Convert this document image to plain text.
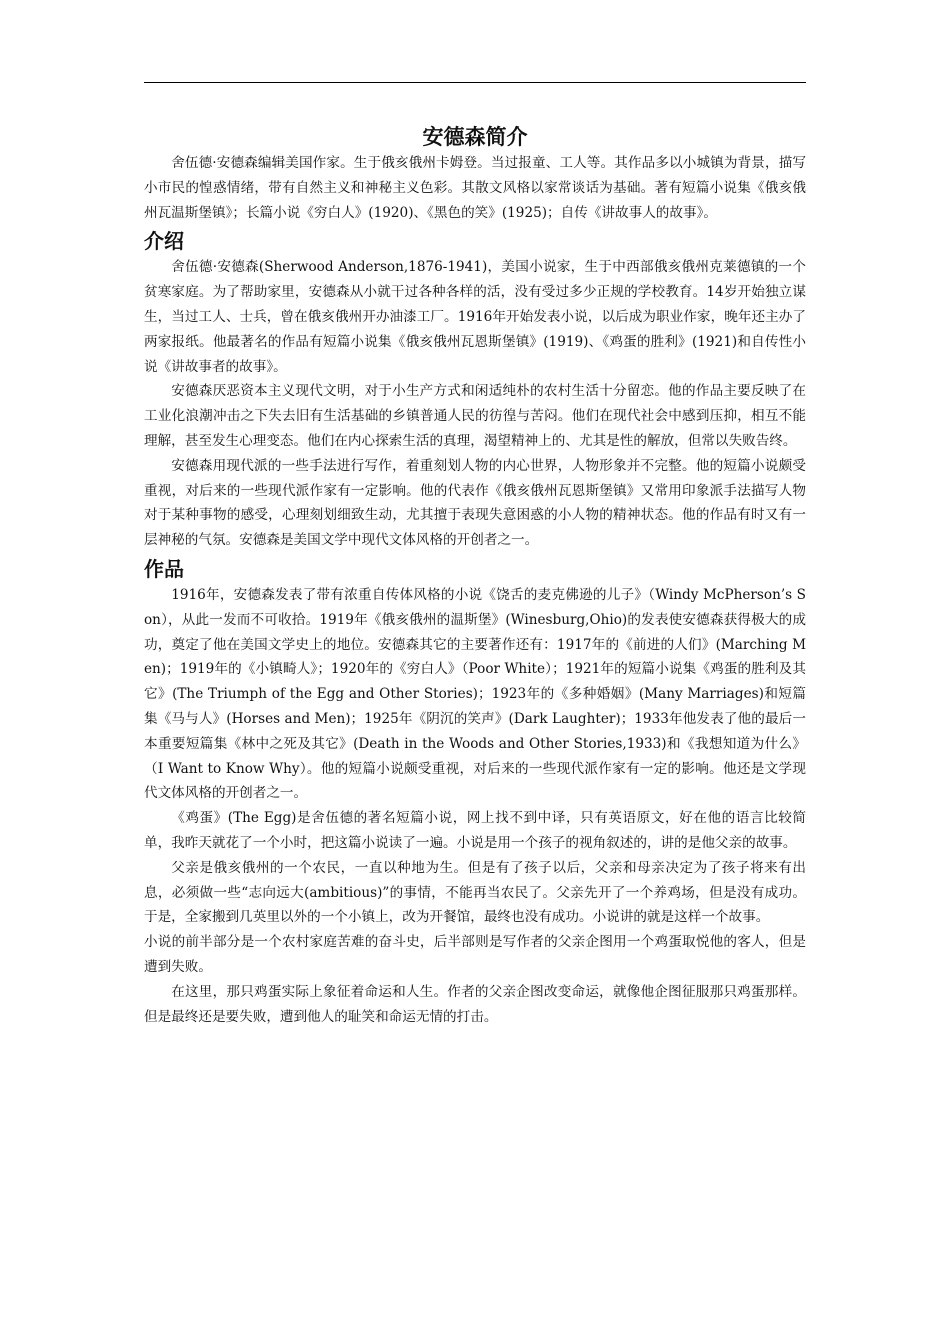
安德森简介

舍伍德·安德森编辑美国作家。生于俄亥俄州卡姆登。当过报童、工人等。其作品多以小城镇为背景，描写小市民的惶惑情绪，带有自然主义和神秘主义色彩。其散文风格以家常谈话为基础。著有短篇小说集《俄亥俄州瓦温斯堡镇》；长篇小说《穷白人》(1920)、《黑色的笑》(1925)；自传《讲故事人的故事》。

介绍

舍伍德·安德森(Sherwood Anderson,1876-1941)，美国小说家，生于中西部俄亥俄州克莱德镇的一个贫寒家庭。为了帮助家里，安德森从小就干过各种各样的活，没有受过多少正规的学校教育。14岁开始独立谋生，当过工人、士兵，曾在俄亥俄州开办油漆工厂。1916年开始发表小说，以后成为职业作家，晚年还主办了两家报纸。他最著名的作品有短篇小说集《俄亥俄州瓦恩斯堡镇》(1919)、《鸡蛋的胜利》(1921)和自传性小说《讲故事者的故事》。

安德森厌恶资本主义现代文明，对于小生产方式和闲适纯朴的农村生活十分留恋。他的作品主要反映了在工业化浪潮冲击之下失去旧有生活基础的乡镇普通人民的彷徨与苦闷。他们在现代社会中感到压抑，相互不能理解，甚至发生心理变态。他们在内心探索生活的真理，渴望精神上的、尤其是性的解放，但常以失败告终。

安德森用现代派的一些手法进行写作，着重刻划人物的内心世界，人物形象并不完整。他的短篇小说颇受重视，对后来的一些现代派作家有一定影响。他的代表作《俄亥俄州瓦恩斯堡镇》又常用印象派手法描写人物对于某种事物的感受，心理刻划细致生动，尤其擅于表现失意困惑的小人物的精神状态。他的作品有时又有一层神秘的气氛。安德森是美国文学中现代文体风格的开创者之一。

作品

1916年，安德森发表了带有浓重自传体风格的小说《饶舌的麦克佛逊的儿子》（Windy McPherson’s Son），从此一发而不可收拾。1919年《俄亥俄州的温斯堡》(Winesburg,Ohio)的发表使安德森获得极大的成功，奠定了他在美国文学史上的地位。安德森其它的主要著作还有：1917年的《前进的人们》(Marching Men)；1919年的《小镇畸人》；1920年的《穷白人》（Poor White）；1921年的短篇小说集《鸡蛋的胜利及其它》(The Triumph of the Egg and Other Stories)；1923年的《多种婚姻》(Many Marriages)和短篇集《马与人》(Horses and Men)；1925年《阴沉的笑声》(Dark Laughter)；1933年他发表了他的最后一本重要短篇集《林中之死及其它》(Death in the Woods and Other Stories,1933)和《我想知道为什么》（I Want to Know Why）。他的短篇小说颇受重视，对后来的一些现代派作家有一定的影响。他还是文学现代文体风格的开创者之一。

《鸡蛋》(The Egg)是舍伍德的著名短篇小说，网上找不到中译，只有英语原文，好在他的语言比较简单，我昨天就花了一个小时，把这篇小说读了一遍。小说是用一个孩子的视角叙述的，讲的是他父亲的故事。

父亲是俄亥俄州的一个农民，一直以种地为生。但是有了孩子以后，父亲和母亲决定为了孩子将来有出息，必须做一些“志向远大(ambitious)”的事情，不能再当农民了。父亲先开了一个养鸡场，但是没有成功。于是，全家搬到几英里以外的一个小镇上，改为开餐馆，最终也没有成功。小说讲的就是这样一个故事。

小说的前半部分是一个农村家庭苦难的奋斗史，后半部则是写作者的父亲企图用一个鸡蛋取悦他的客人，但是遭到失败。

在这里，那只鸡蛋实际上象征着命运和人生。作者的父亲企图改变命运，就像他企图征服那只鸡蛋那样。但是最终还是要失败，遭到他人的耻笑和命运无情的打击。
